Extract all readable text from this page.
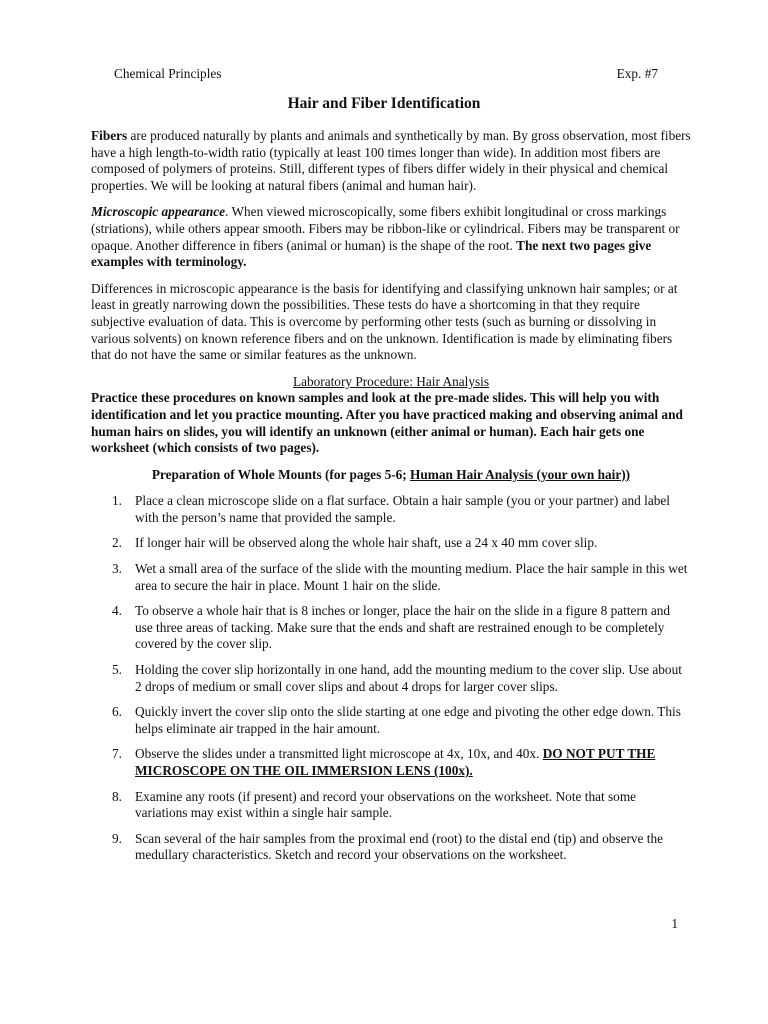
Chemical Principles	Exp. #7
Hair and Fiber Identification

Fibers are produced naturally by plants and animals and synthetically by man. By gross observation, most fibers have a high length-to-width ratio (typically at least 100 times longer than wide). In addition most fibers are composed of polymers of proteins. Still, different types of fibers differ widely in their physical and chemical properties. We will be looking at natural fibers (animal and human hair).

Microscopic appearance. When viewed microscopically, some fibers exhibit longitudinal or cross markings (striations), while others appear smooth. Fibers may be ribbon-like or cylindrical. Fibers may be transparent or opaque. Another difference in fibers (animal or human) is the shape of the root. The next two pages give examples with terminology.

Differences in microscopic appearance is the basis for identifying and classifying unknown hair samples; or at least in greatly narrowing down the possibilities. These tests do have a shortcoming in that they require subjective evaluation of data. This is overcome by performing other tests (such as burning or dissolving in various solvents) on known reference fibers and on the unknown. Identification is made by eliminating fibers that do not have the same or similar features as the unknown.

Laboratory Procedure: Hair Analysis
Practice these procedures on known samples and look at the pre-made slides. This will help you with identification and let you practice mounting. After you have practiced making and observing animal and human hairs on slides, you will identify an unknown (either animal or human). Each hair gets one worksheet (which consists of two pages).
Preparation of Whole Mounts (for pages 5-6; Human Hair Analysis (your own hair))
1. Place a clean microscope slide on a flat surface. Obtain a hair sample (you or your partner) and label with the person’s name that provided the sample.
2. If longer hair will be observed along the whole hair shaft, use a 24 x 40 mm cover slip.
3. Wet a small area of the surface of the slide with the mounting medium. Place the hair sample in this wet area to secure the hair in place. Mount 1 hair on the slide.
4. To observe a whole hair that is 8 inches or longer, place the hair on the slide in a figure 8 pattern and use three areas of tacking. Make sure that the ends and shaft are restrained enough to be completely covered by the cover slip.
5. Holding the cover slip horizontally in one hand, add the mounting medium to the cover slip. Use about 2 drops of medium or small cover slips and about 4 drops for larger cover slips.
6. Quickly invert the cover slip onto the slide starting at one edge and pivoting the other edge down. This helps eliminate air trapped in the hair amount.
7. Observe the slides under a transmitted light microscope at 4x, 10x, and 40x. DO NOT PUT THE MICROSCOPE ON THE OIL IMMERSION LENS (100x).
8. Examine any roots (if present) and record your observations on the worksheet. Note that some variations may exist within a single hair sample.
9. Scan several of the hair samples from the proximal end (root) to the distal end (tip) and observe the medullary characteristics. Sketch and record your observations on the worksheet.
1
